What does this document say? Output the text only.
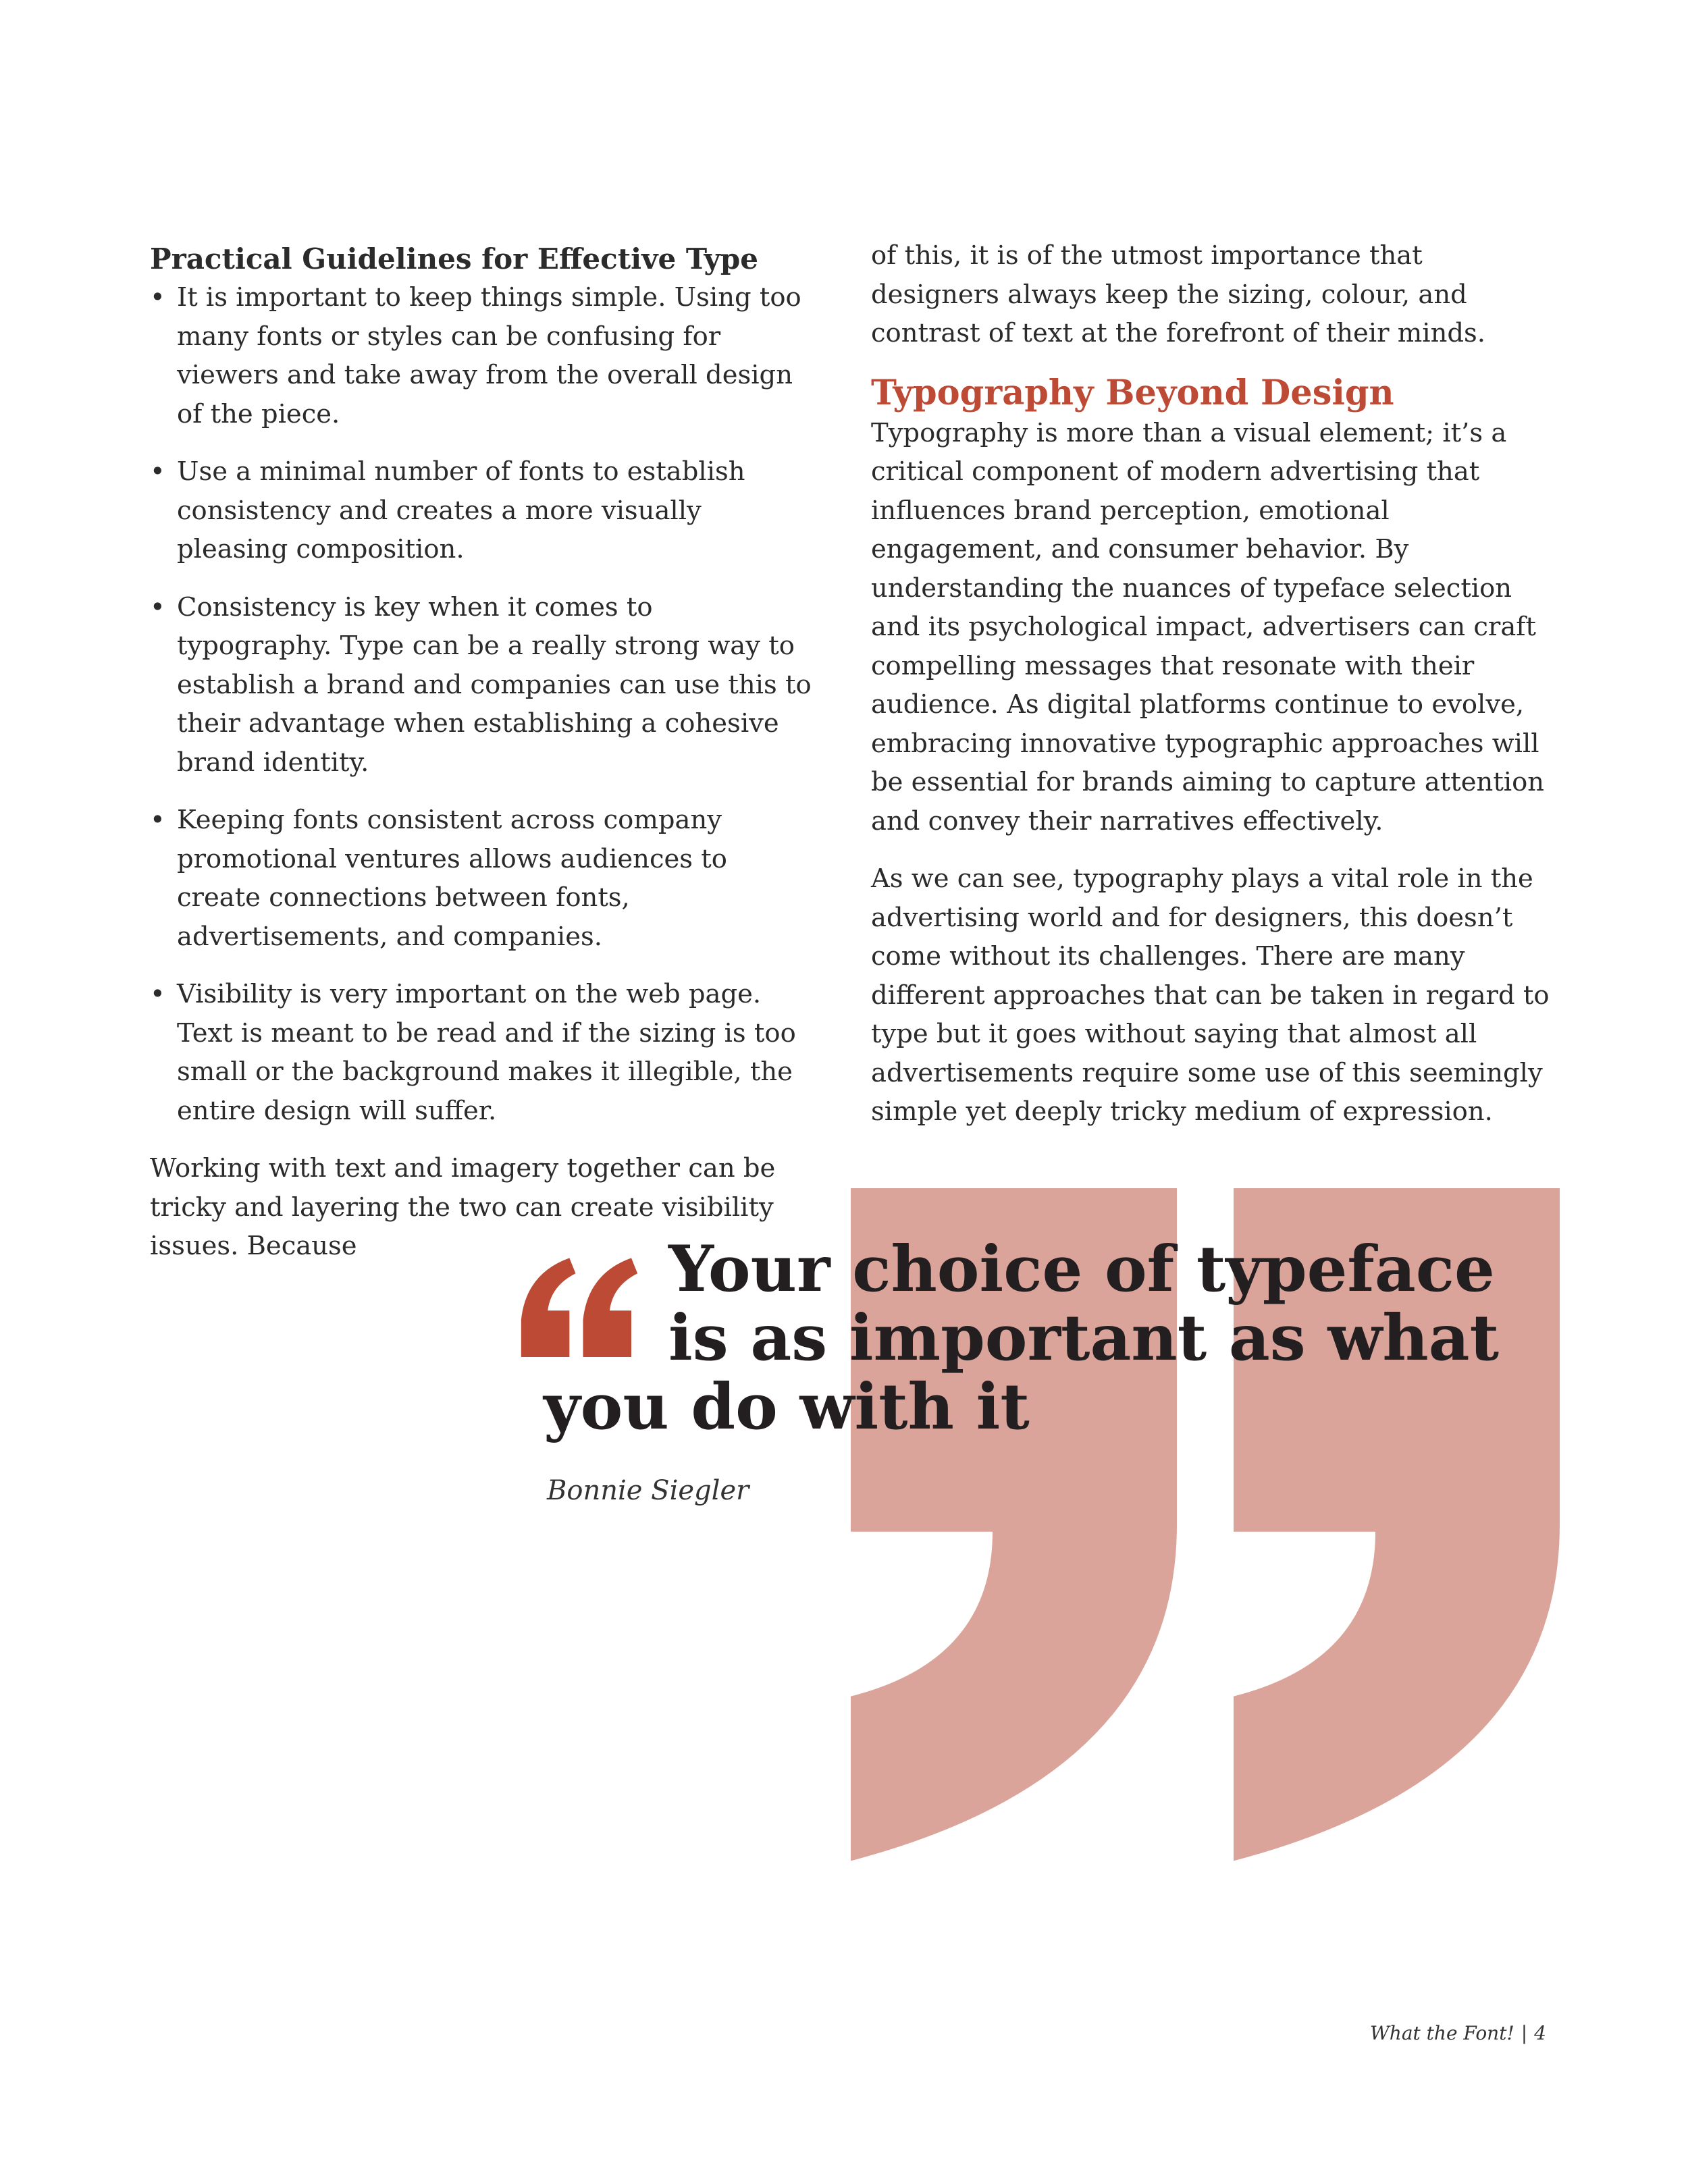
Practical Guidelines for Effective Type
• It is important to keep things simple. Using too many fonts or styles can be confusing for viewers and take away from the overall design of the piece.
• Use a minimal number of fonts to establish consistency and creates a more visually pleasing composition.
• Consistency is key when it comes to typography. Type can be a really strong way to establish a brand and companies can use this to their advantage when establishing a cohesive brand identity.
• Keeping fonts consistent across company promotional ventures allows audiences to create connections between fonts, advertisements, and companies.
• Visibility is very important on the web page. Text is meant to be read and if the sizing is too small or the background makes it illegible, the entire design will suffer.

Working with text and imagery together can be tricky and layering the two can create visibility issues. Because

of this, it is of the utmost importance that designers always keep the sizing, colour, and contrast of text at the forefront of their minds.

Typography Beyond Design

Typography is more than a visual element; it’s a critical component of modern advertising that influences brand perception, emotional engagement, and consumer behavior. By understanding the nuances of typeface selection and its psychological impact, advertisers can craft compelling messages that resonate with their audience. As digital platforms continue to evolve, embracing innovative typographic approaches will be essential for brands aiming to capture attention and convey their narratives effectively.

As we can see, typography plays a vital role in the advertising world and for designers, this doesn’t come without its challenges. There are many different approaches that can be taken in regard to type but it goes without saying that almost all advertisements require some use of this seemingly simple yet deeply tricky medium of expression.

Your choice of typeface
is as important as what
you do with it
Bonnie Siegler
What the Font! | 4
